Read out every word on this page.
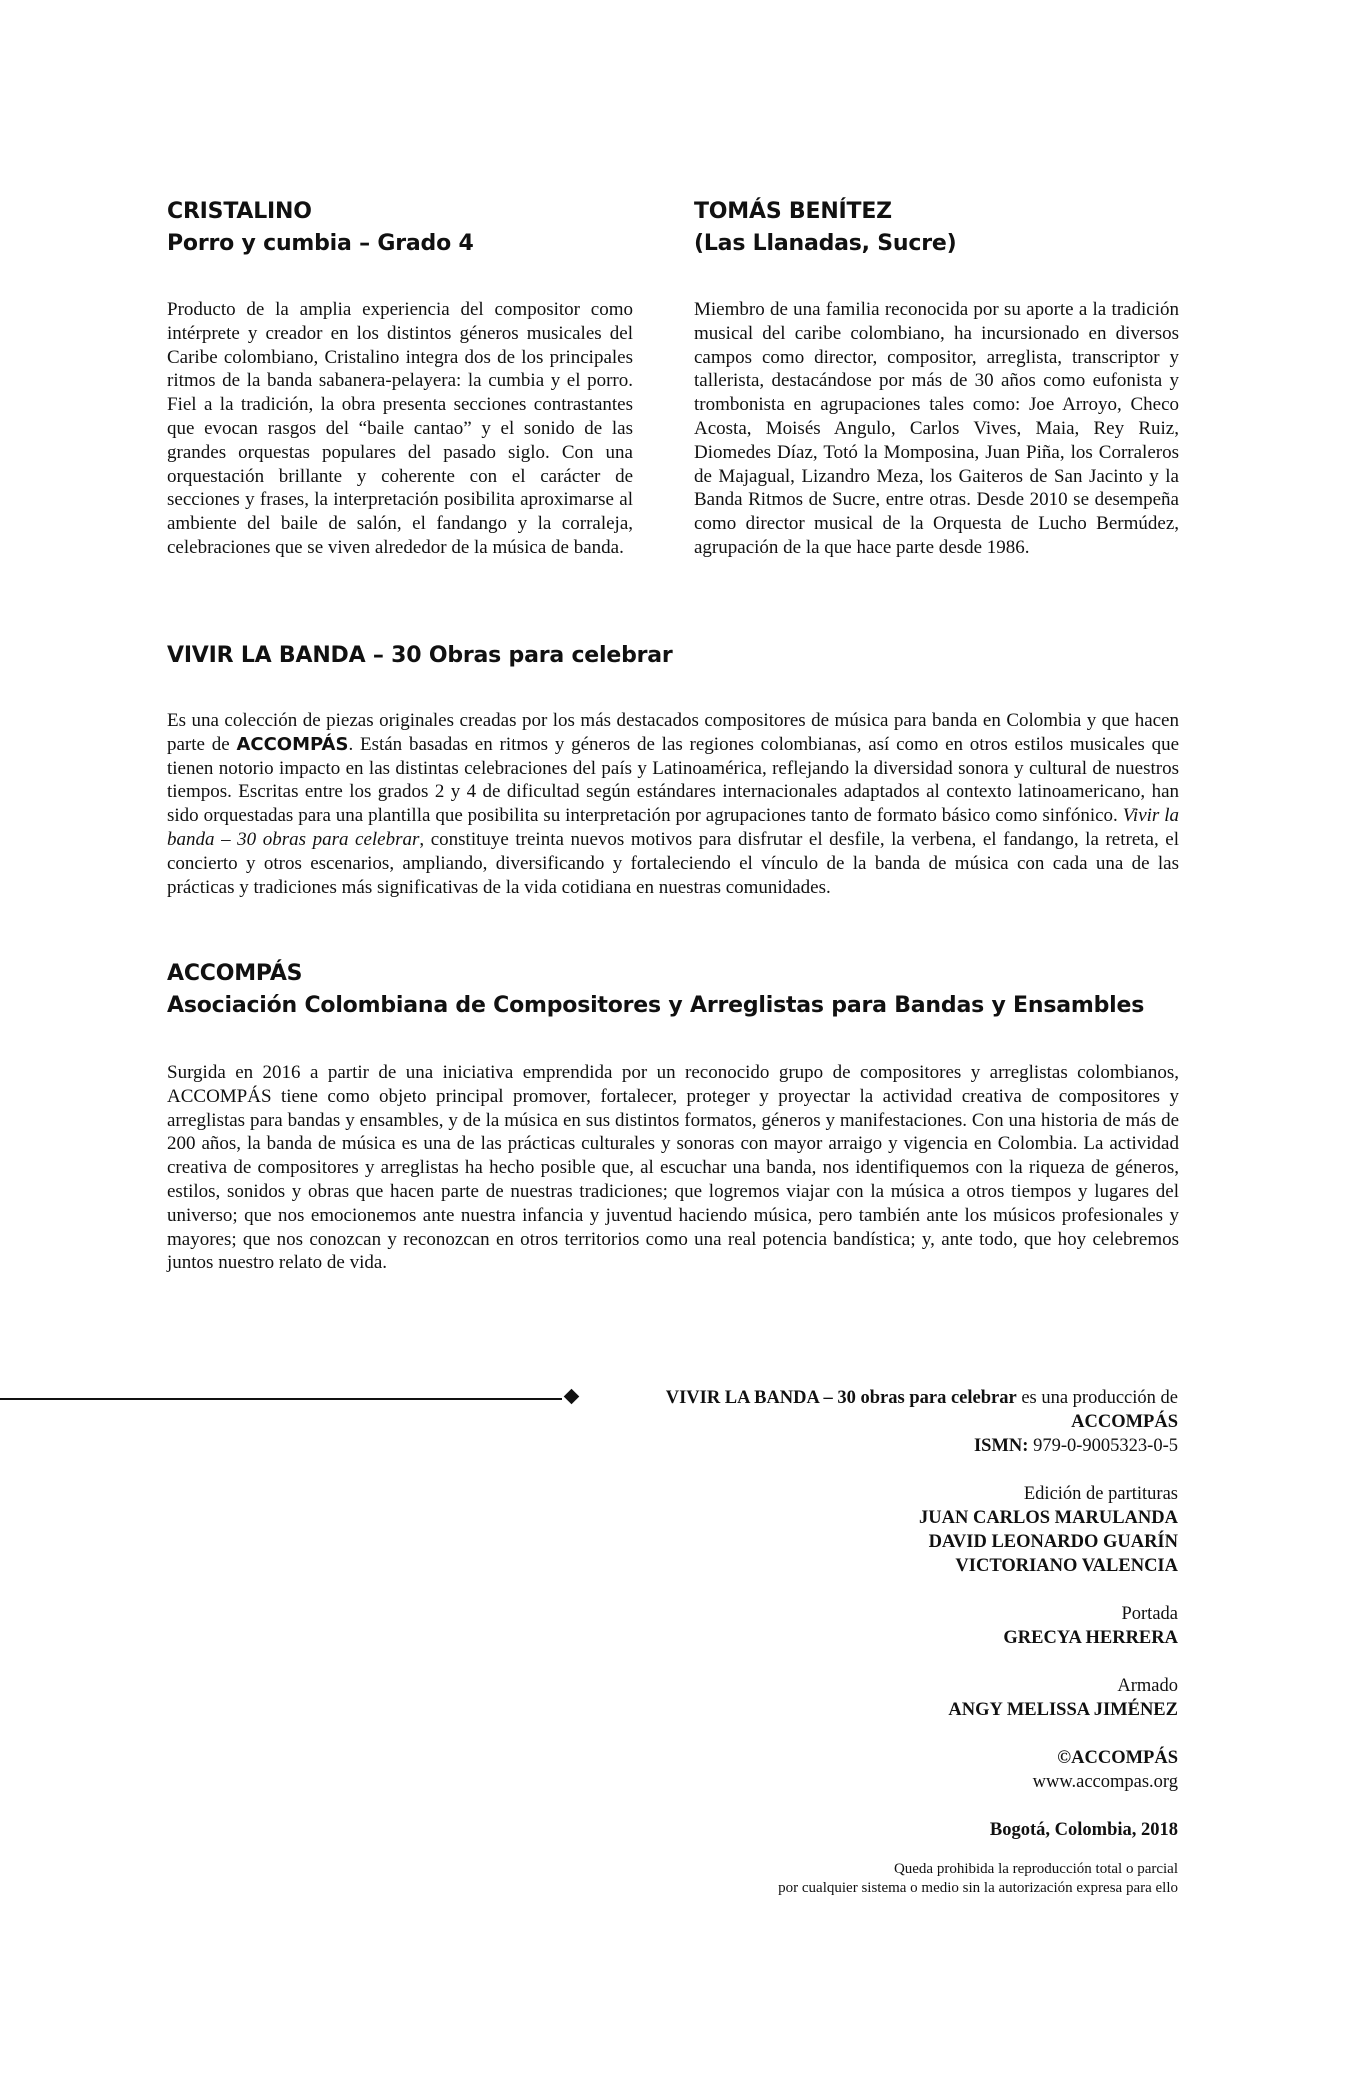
CRISTALINO
Porro y cumbia – Grado 4

Producto de la amplia experiencia del compositor como intérprete y creador en los distintos géneros musicales del Caribe colombiano, Cristalino integra dos de los principales ritmos de la banda sabanera-pelayera: la cumbia y el porro. Fiel a la tradición, la obra presenta secciones contrastantes que evocan rasgos del “baile cantao” y el sonido de las grandes orquestas populares del pasado siglo. Con una orquestación brillante y coherente con el carácter de secciones y frases, la interpretación posibilita aproximarse al ambiente del baile de salón, el fandango y la corraleja, celebraciones que se viven alrededor de la música de banda.

TOMÁS BENÍTEZ
(Las Llanadas, Sucre)

Miembro de una familia reconocida por su aporte a la tradición musical del caribe colombiano, ha incursionado en diversos campos como director, compositor, arreglista, transcriptor y tallerista, destacándose por más de 30 años como eufonista y trombonista en agrupaciones tales como: Joe Arroyo, Checo Acosta, Moisés Angulo, Carlos Vives, Maia, Rey Ruiz, Diomedes Díaz, Totó la Momposina, Juan Piña, los Corraleros de Majagual, Lizandro Meza, los Gaiteros de San Jacinto y la Banda Ritmos de Sucre, entre otras. Desde 2010 se desempeña como director musical de la Orquesta de Lucho Bermúdez, agrupación de la que hace parte desde 1986.

VIVIR LA BANDA – 30 Obras para celebrar

Es una colección de piezas originales creadas por los más destacados compositores de música para banda en Colombia y que hacen parte de ACCOMPÁS. Están basadas en ritmos y géneros de las regiones colombianas, así como en otros estilos musicales que tienen notorio impacto en las distintas celebraciones del país y Latinoamérica, reflejando la diversidad sonora y cultural de nuestros tiempos. Escritas entre los grados 2 y 4 de dificultad según estándares internacionales adaptados al contexto latinoamericano, han sido orquestadas para una plantilla que posibilita su interpretación por agrupaciones tanto de formato básico como sinfónico. Vivir la banda – 30 obras para celebrar, constituye treinta nuevos motivos para disfrutar el desfile, la verbena, el fandango, la retreta, el concierto y otros escenarios, ampliando, diversificando y fortaleciendo el vínculo de la banda de música con cada una de las prácticas y tradiciones más significativas de la vida cotidiana en nuestras comunidades.

ACCOMPÁS
Asociación Colombiana de Compositores y Arreglistas para Bandas y Ensambles

Surgida en 2016 a partir de una iniciativa emprendida por un reconocido grupo de compositores y arreglistas colombianos, ACCOMPÁS tiene como objeto principal promover, fortalecer, proteger y proyectar la actividad creativa de compositores y arreglistas para bandas y ensambles, y de la música en sus distintos formatos, géneros y manifestaciones. Con una historia de más de 200 años, la banda de música es una de las prácticas culturales y sonoras con mayor arraigo y vigencia en Colombia. La actividad creativa de compositores y arreglistas ha hecho posible que, al escuchar una banda, nos identifiquemos con la riqueza de géneros, estilos, sonidos y obras que hacen parte de nuestras tradiciones; que logremos viajar con la música a otros tiempos y lugares del universo; que nos emocionemos ante nuestra infancia y juventud haciendo música, pero también ante los músicos profesionales y mayores; que nos conozcan y reconozcan en otros territorios como una real potencia bandística; y, ante todo, que hoy celebremos juntos nuestro relato de vida.

VIVIR LA BANDA – 30 obras para celebrar es una producción de
ACCOMPÁS
ISMN: 979-0-9005323-0-5
Edición de partituras
JUAN CARLOS MARULANDA
DAVID LEONARDO GUARÍN
VICTORIANO VALENCIA
Portada
GRECYA HERRERA
Armado
ANGY MELISSA JIMÉNEZ
©ACCOMPÁS
www.accompas.org
Bogotá, Colombia, 2018
Queda prohibida la reproducción total o parcial
por cualquier sistema o medio sin la autorización expresa para ello
